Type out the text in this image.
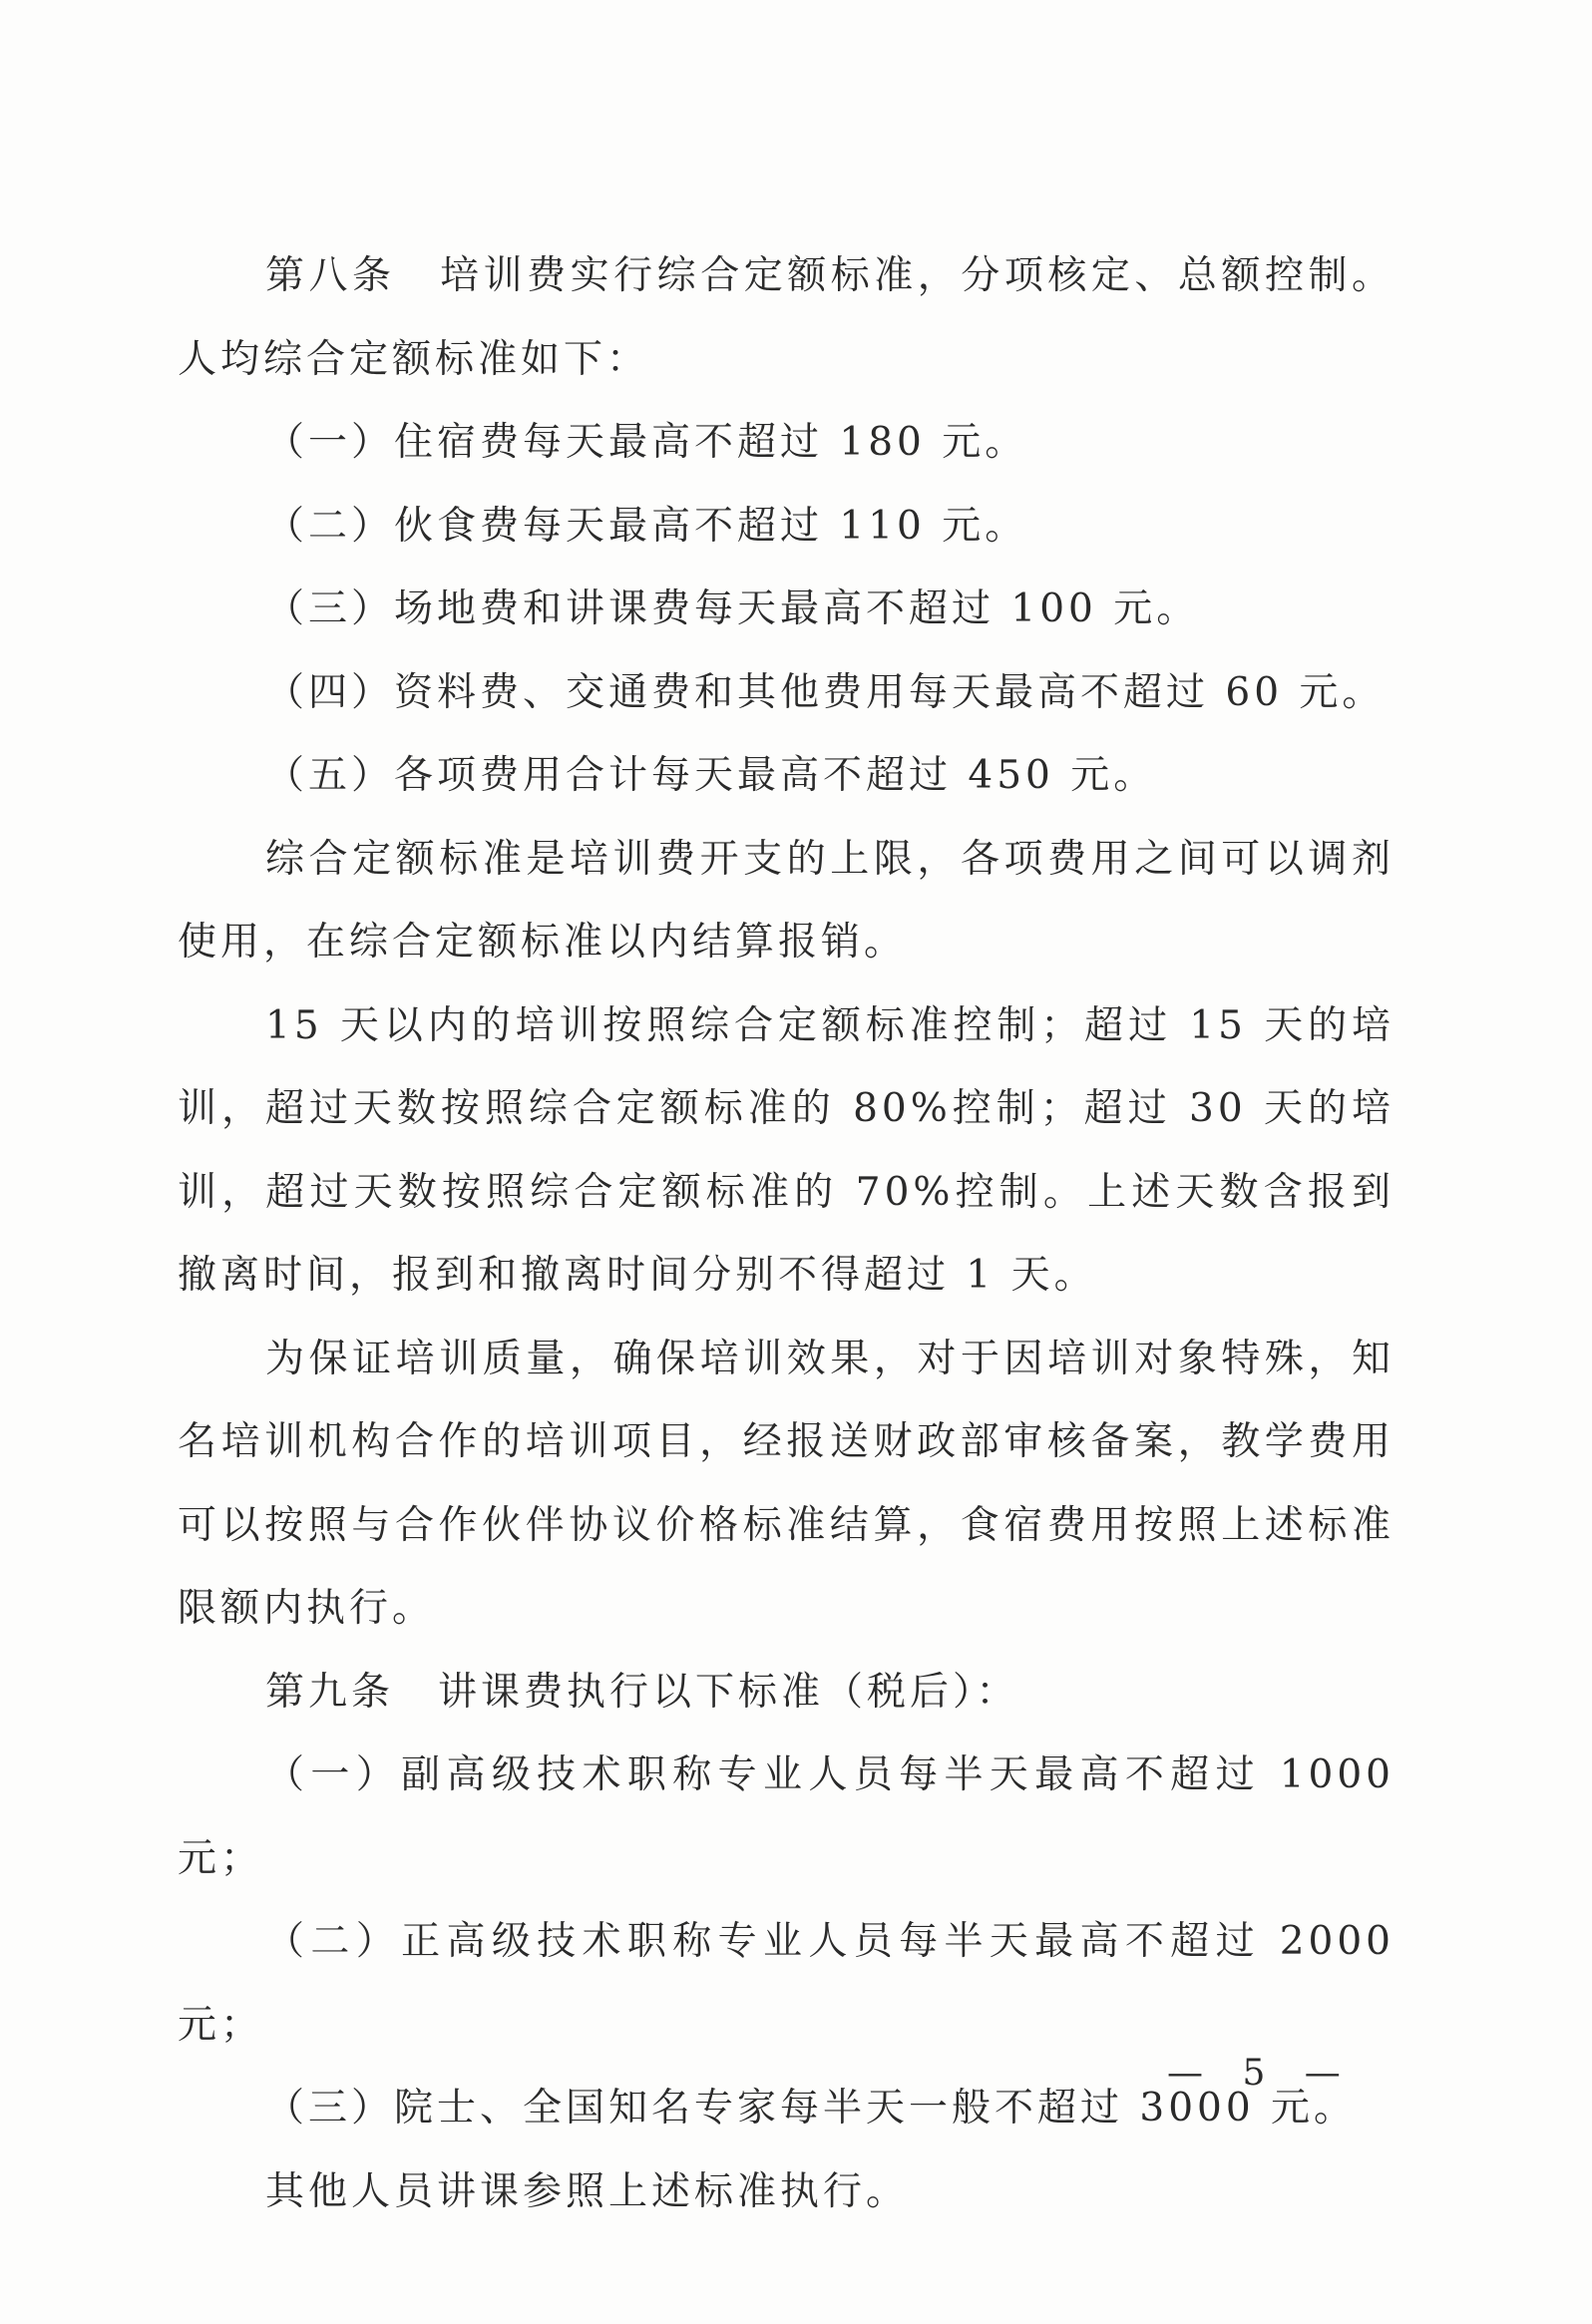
第八条 培训费实行综合定额标准，分项核定、总额控制。人均综合定额标准如下：

（一）住宿费每天最高不超过 180 元。

（二）伙食费每天最高不超过 110 元。

（三）场地费和讲课费每天最高不超过 100 元。

（四）资料费、交通费和其他费用每天最高不超过 60 元。

（五）各项费用合计每天最高不超过 450 元。

综合定额标准是培训费开支的上限，各项费用之间可以调剂使用，在综合定额标准以内结算报销。

15 天以内的培训按照综合定额标准控制；超过 15 天的培训，超过天数按照综合定额标准的 80%控制；超过 30 天的培训，超过天数按照综合定额标准的 70%控制。上述天数含报到撤离时间，报到和撤离时间分别不得超过 1 天。

为保证培训质量，确保培训效果，对于因培训对象特殊，知名培训机构合作的培训项目，经报送财政部审核备案，教学费用可以按照与合作伙伴协议价格标准结算，食宿费用按照上述标准限额内执行。

第九条 讲课费执行以下标准（税后）：

（一）副高级技术职称专业人员每半天最高不超过 1000 元；

（二）正高级技术职称专业人员每半天最高不超过 2000 元；

（三）院士、全国知名专家每半天一般不超过 3000 元。

其他人员讲课参照上述标准执行。

— 5 —
